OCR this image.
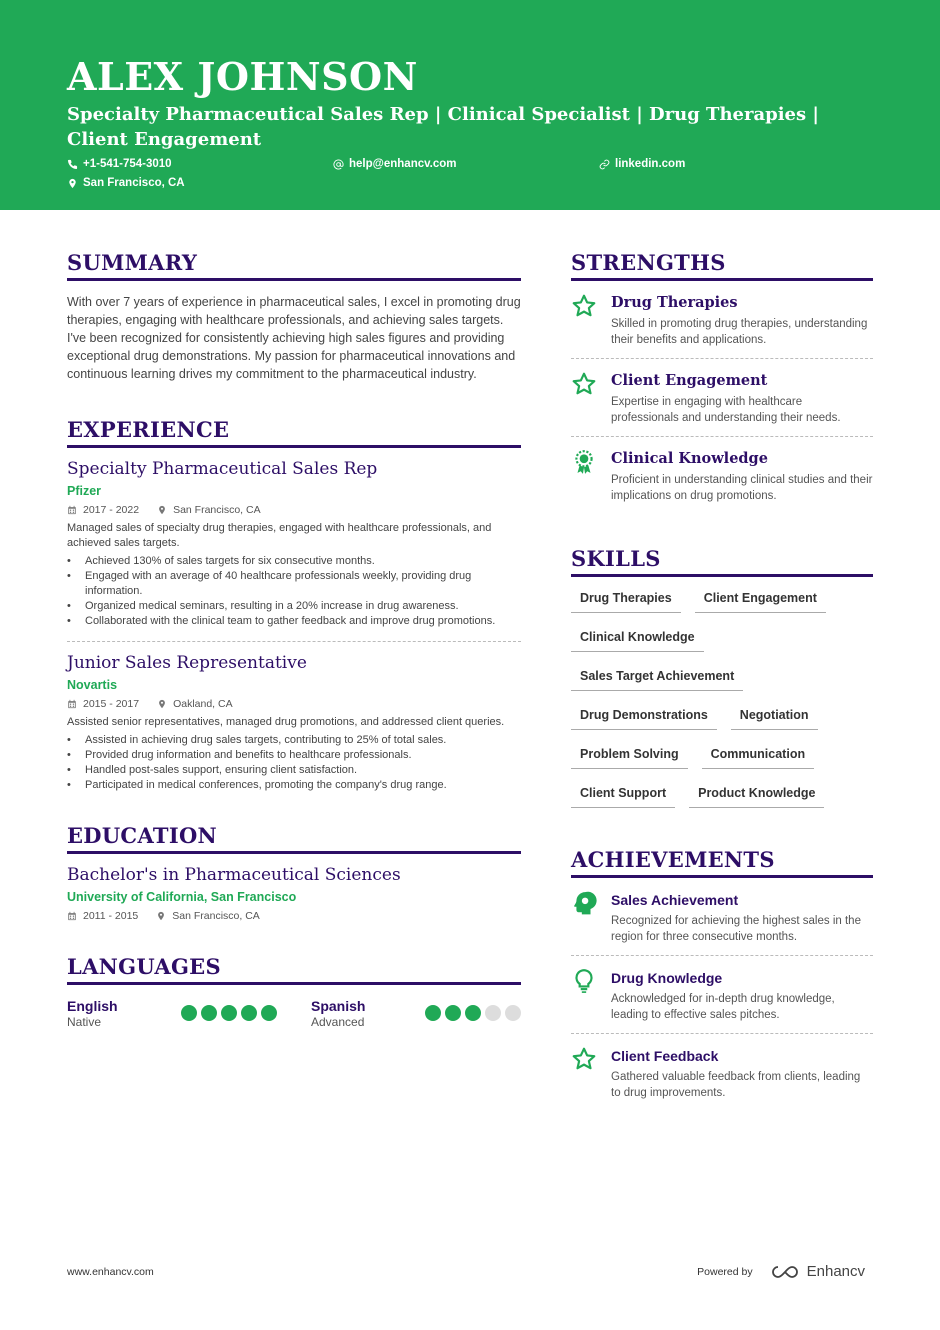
ALEX JOHNSON
Specialty Pharmaceutical Sales Rep | Clinical Specialist | Drug Therapies | Client Engagement
+1-541-754-3010	help@enhancv.com	linkedin.com
San Francisco, CA
SUMMARY
With over 7 years of experience in pharmaceutical sales, I excel in promoting drug therapies, engaging with healthcare professionals, and achieving sales targets. I've been recognized for consistently achieving high sales figures and providing exceptional drug demonstrations. My passion for pharmaceutical innovations and continuous learning drives my commitment to the pharmaceutical industry.
EXPERIENCE
Specialty Pharmaceutical Sales Rep
Pfizer
2017 - 2022	San Francisco, CA
Managed sales of specialty drug therapies, engaged with healthcare professionals, and achieved sales targets.
• Achieved 130% of sales targets for six consecutive months.
• Engaged with an average of 40 healthcare professionals weekly, providing drug information.
• Organized medical seminars, resulting in a 20% increase in drug awareness.
• Collaborated with the clinical team to gather feedback and improve drug promotions.
Junior Sales Representative
Novartis
2015 - 2017	Oakland, CA
Assisted senior representatives, managed drug promotions, and addressed client queries.
• Assisted in achieving drug sales targets, contributing to 25% of total sales.
• Provided drug information and benefits to healthcare professionals.
• Handled post-sales support, ensuring client satisfaction.
• Participated in medical conferences, promoting the company's drug range.
EDUCATION
Bachelor's in Pharmaceutical Sciences
University of California, San Francisco
2011 - 2015	San Francisco, CA
LANGUAGES
English
Native
Spanish
Advanced
STRENGTHS
Drug Therapies
Skilled in promoting drug therapies, understanding their benefits and applications.
Client Engagement
Expertise in engaging with healthcare professionals and understanding their needs.
Clinical Knowledge
Proficient in understanding clinical studies and their implications on drug promotions.
SKILLS
Drug Therapies	Client Engagement
Clinical Knowledge
Sales Target Achievement
Drug Demonstrations	Negotiation
Problem Solving	Communication
Client Support	Product Knowledge
ACHIEVEMENTS
Sales Achievement
Recognized for achieving the highest sales in the region for three consecutive months.
Drug Knowledge
Acknowledged for in-depth drug knowledge, leading to effective sales pitches.
Client Feedback
Gathered valuable feedback from clients, leading to drug improvements.
www.enhancv.com	Powered by	Enhancv
